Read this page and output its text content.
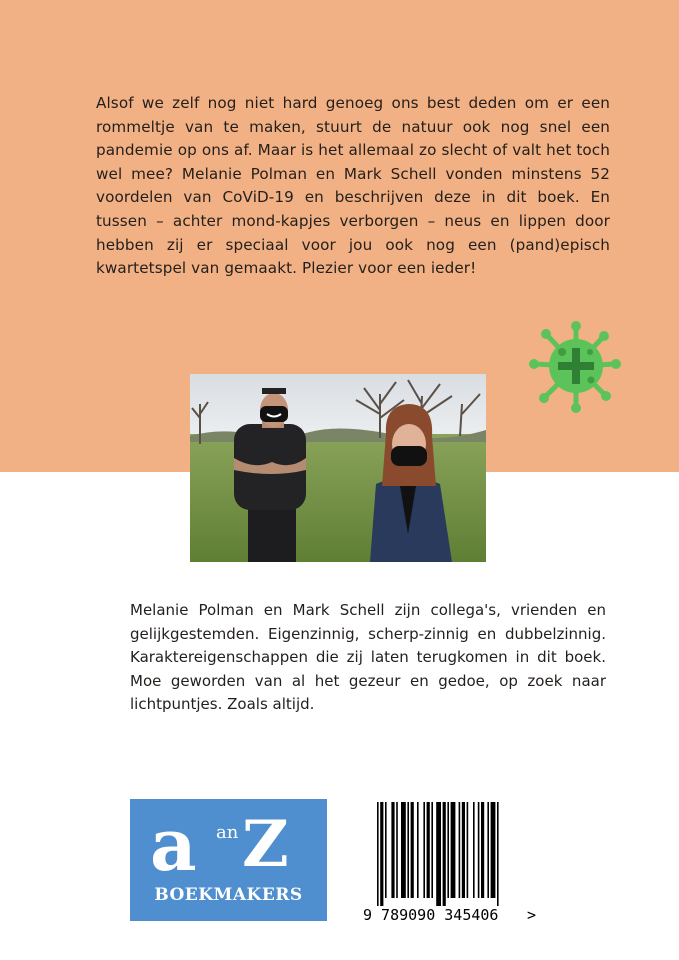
Alsof we zelf nog niet hard genoeg ons best deden om er een rommeltje van te maken, stuurt de natuur ook nog snel een pandemie op ons af. Maar is het allemaal zo slecht of valt het toch wel mee? Melanie Polman en Mark Schell vonden minstens 52 voordelen van CoViD-19 en beschrijven deze in dit boek. En tussen – achter mond-kapjes verborgen – neus en lippen door hebben zij er speciaal voor jou ook nog een (pand)episch kwartetspel van gemaakt. Plezier voor een ieder!

Melanie Polman en Mark Schell zijn collega's, vrienden en gelijkgestemden. Eigenzinnig, scherp-zinnig en dubbelzinnig. Karaktereigenschappen die zij laten terugkomen in dit boek. Moe geworden van al het gezeur en gedoe, op zoek naar lichtpuntjes. Zoals altijd.

a an Z
BOEKMAKERS
9 789090 345406 >
